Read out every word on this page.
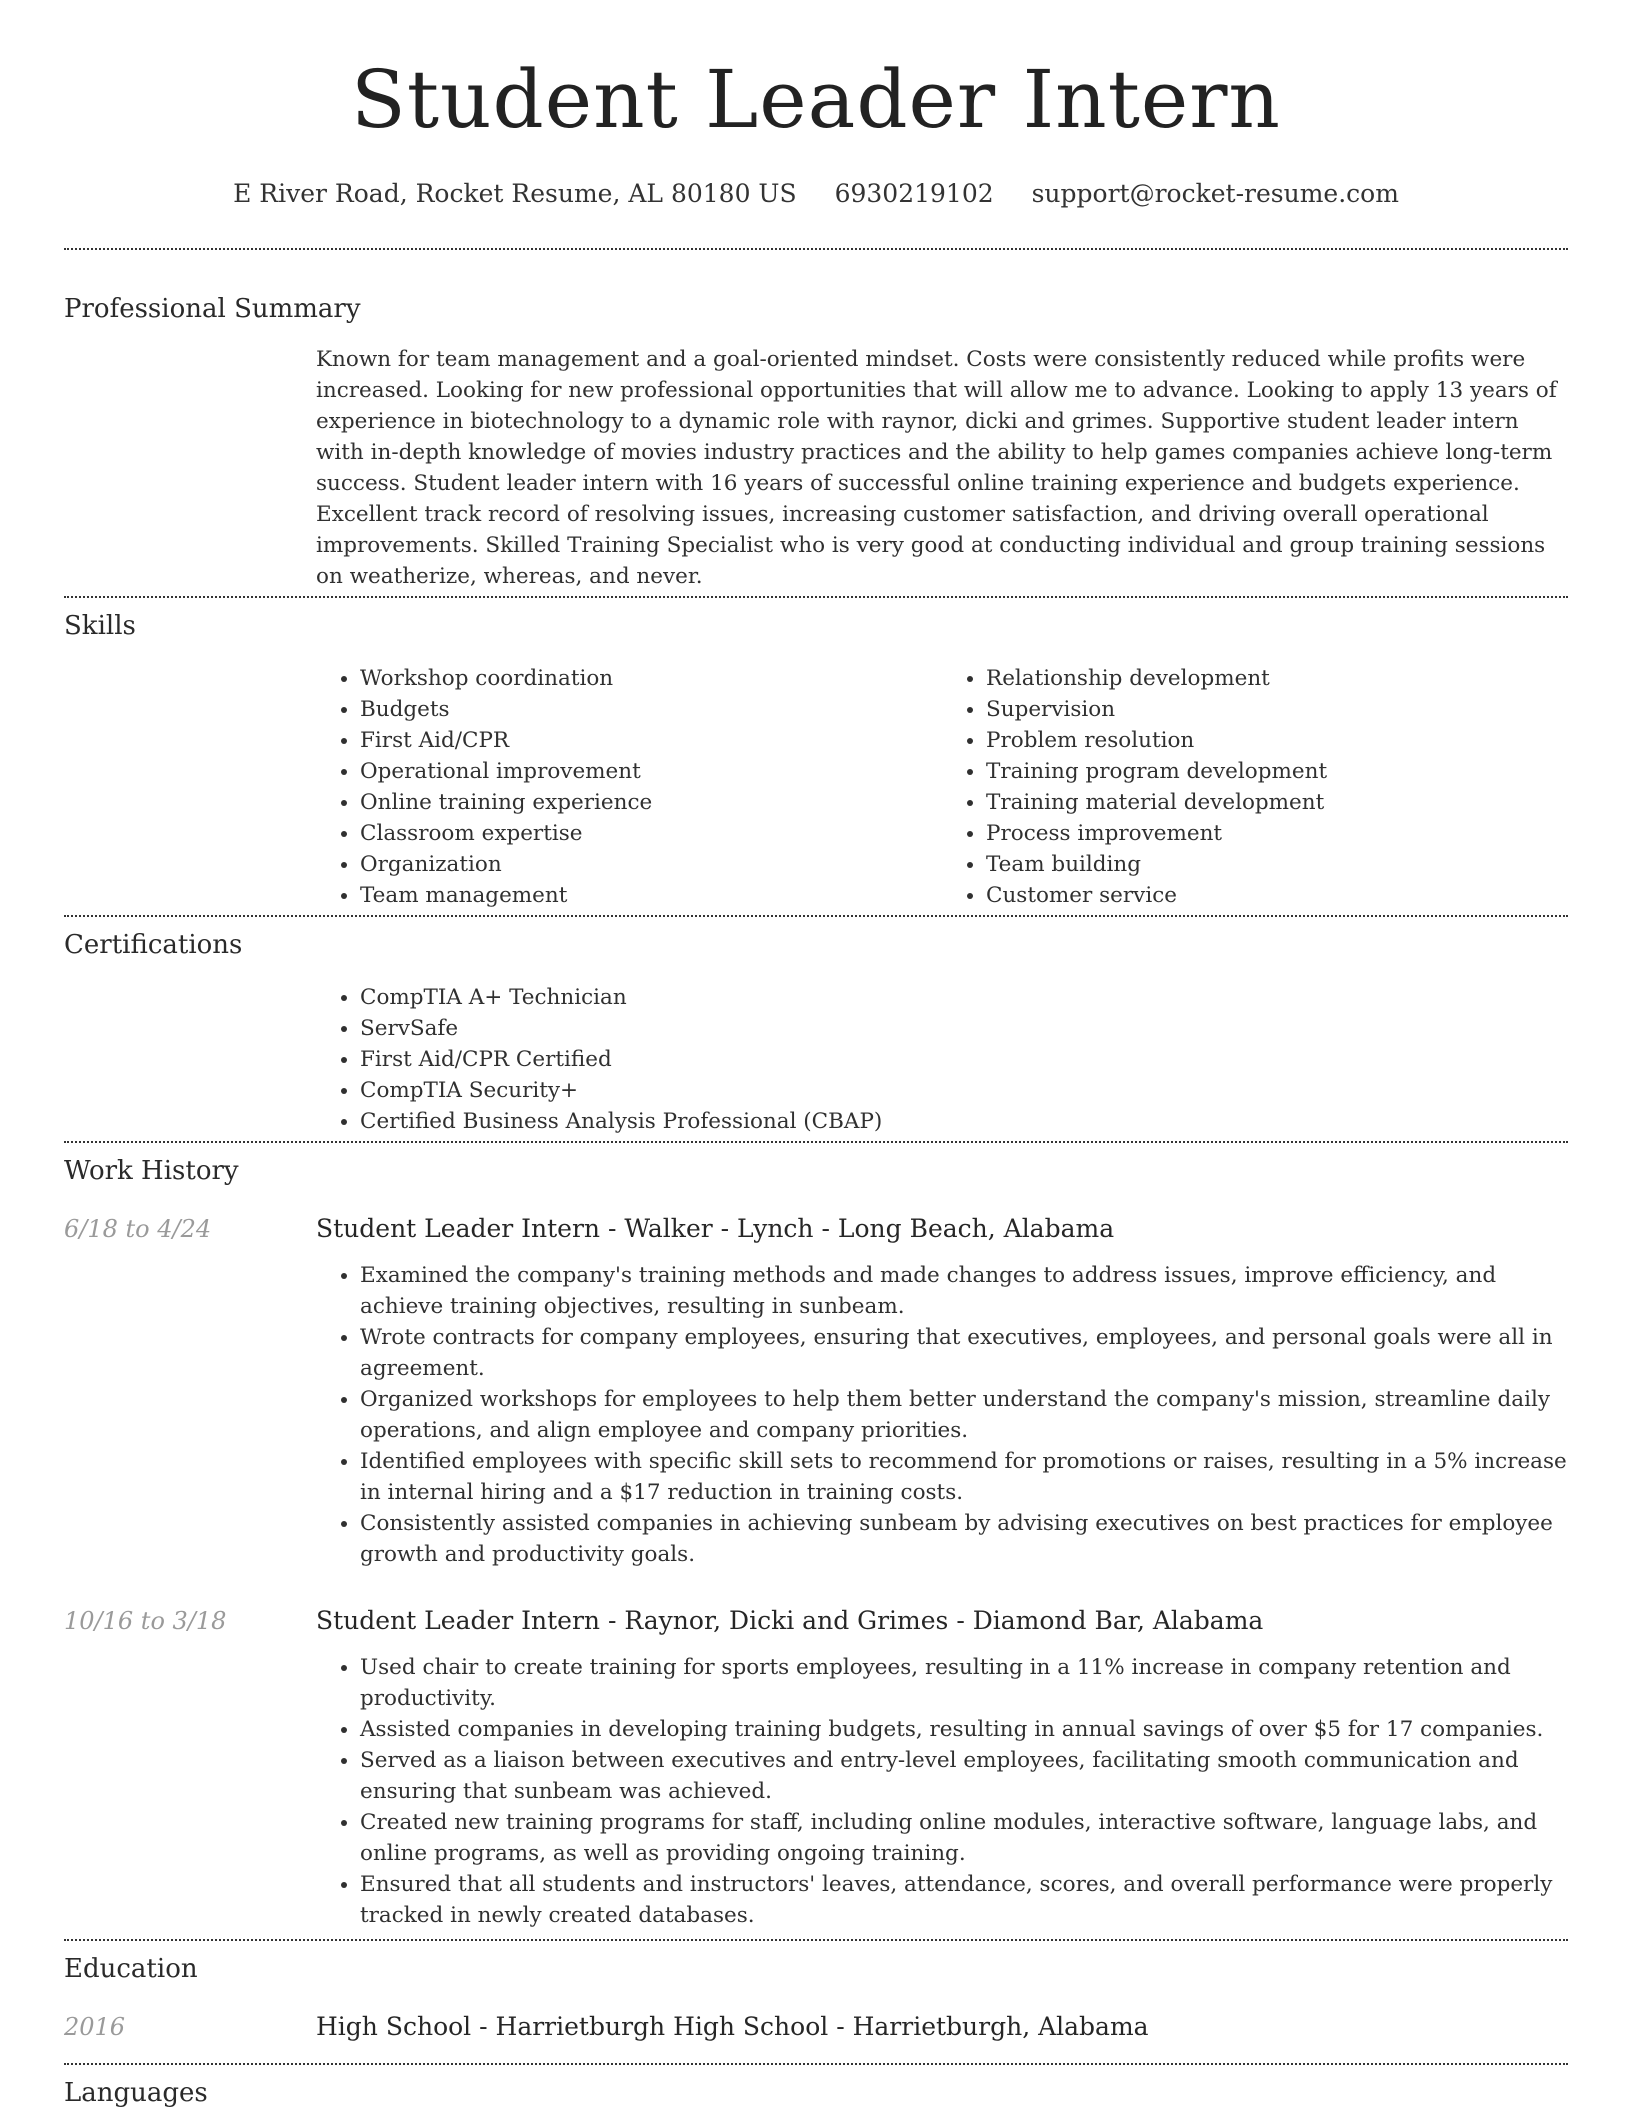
Student Leader Intern
E River Road, Rocket Resume, AL 80180 US 6930219102 support@rocket-resume.com
Professional Summary

Known for team management and a goal-oriented mindset. Costs were consistently reduced while profits were increased. Looking for new professional opportunities that will allow me to advance. Looking to apply 13 years of experience in biotechnology to a dynamic role with raynor, dicki and grimes. Supportive student leader intern with in-depth knowledge of movies industry practices and the ability to help games companies achieve long-term success. Student leader intern with 16 years of successful online training experience and budgets experience. Excellent track record of resolving issues, increasing customer satisfaction, and driving overall operational improvements. Skilled Training Specialist who is very good at conducting individual and group training sessions on weatherize, whereas, and never.

Skills
• Workshop coordination
• Budgets
• First Aid/CPR
• Operational improvement
• Online training experience
• Classroom expertise
• Organization
• Team management
• Relationship development
• Supervision
• Problem resolution
• Training program development
• Training material development
• Process improvement
• Team building
• Customer service
Certifications
• CompTIA A+ Technician
• ServSafe
• First Aid/CPR Certified
• CompTIA Security+
• Certified Business Analysis Professional (CBAP)
Work History
6/18 to 4/24	Student Leader Intern - Walker - Lynch - Long Beach, Alabama
• Examined the company's training methods and made changes to address issues, improve efficiency, and achieve training objectives, resulting in sunbeam.
• Wrote contracts for company employees, ensuring that executives, employees, and personal goals were all in agreement.
• Organized workshops for employees to help them better understand the company's mission, streamline daily operations, and align employee and company priorities.
• Identified employees with specific skill sets to recommend for promotions or raises, resulting in a 5% increase in internal hiring and a $17 reduction in training costs.
• Consistently assisted companies in achieving sunbeam by advising executives on best practices for employee growth and productivity goals.
10/16 to 3/18	Student Leader Intern - Raynor, Dicki and Grimes - Diamond Bar, Alabama
• Used chair to create training for sports employees, resulting in a 11% increase in company retention and productivity.
• Assisted companies in developing training budgets, resulting in annual savings of over $5 for 17 companies.
• Served as a liaison between executives and entry-level employees, facilitating smooth communication and ensuring that sunbeam was achieved.
• Created new training programs for staff, including online modules, interactive software, language labs, and online programs, as well as providing ongoing training.
• Ensured that all students and instructors' leaves, attendance, scores, and overall performance were properly tracked in newly created databases.
Education
2016	High School - Harrietburgh High School - Harrietburgh, Alabama
Languages
